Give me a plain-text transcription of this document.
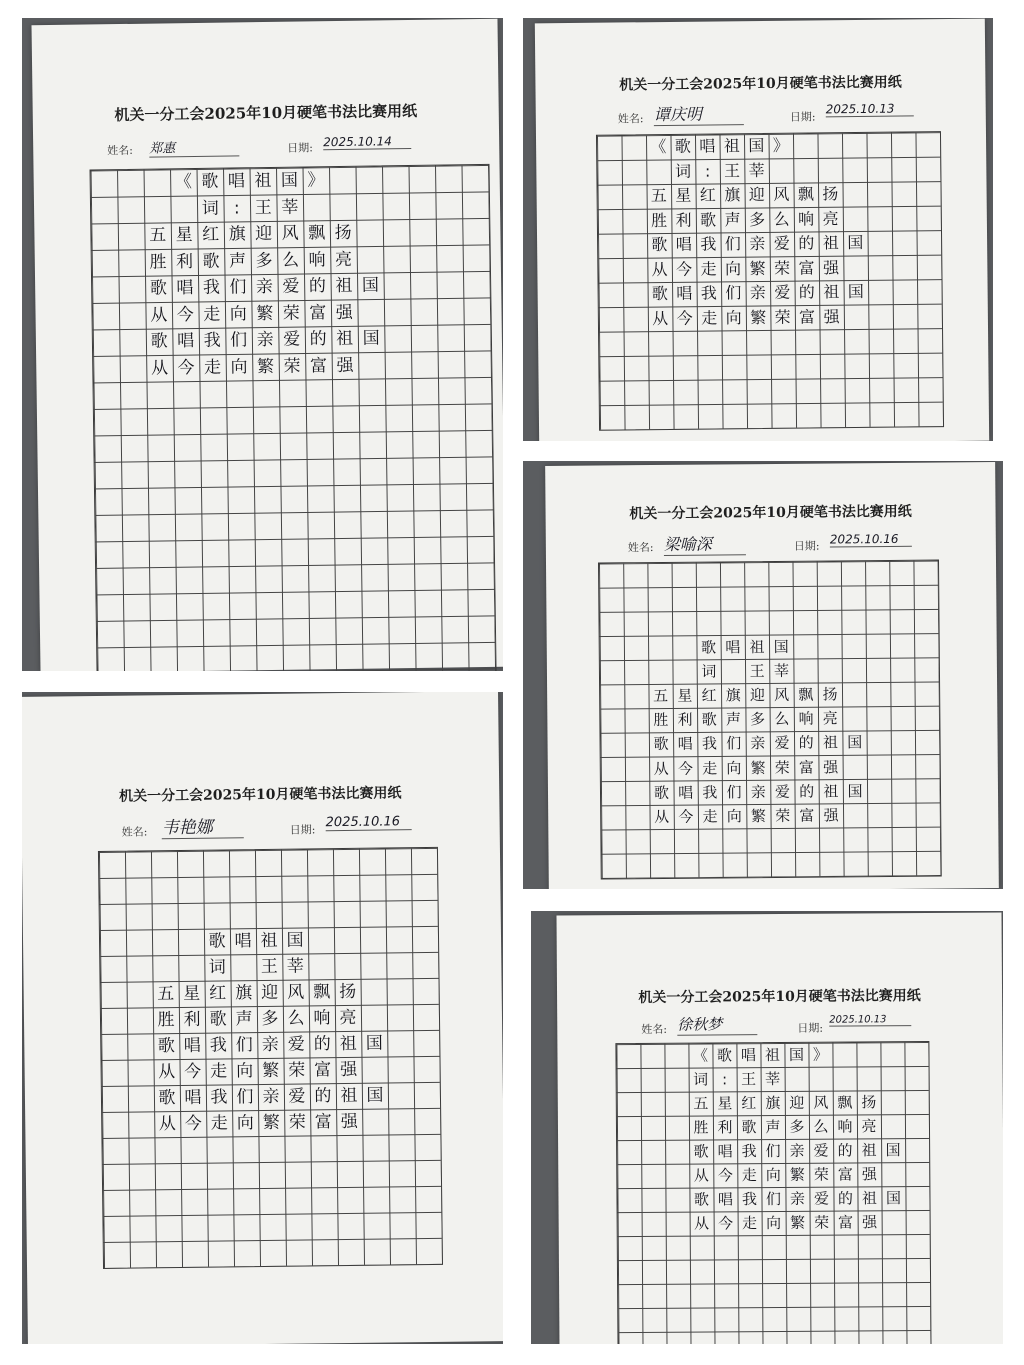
机关一分工会2025年10月硬笔书法比赛用纸
姓名: 郑惠	日期: 2025.10.14
《 歌 唱 祖 国 》
词 : 王 莘
五 星 红 旗 迎 风 飘 扬
胜 利 歌 声 多 么 响 亮
歌 唱 我 们 亲 爱 的 祖 国
从 今 走 向 繁 荣 富 强
歌 唱 我 们 亲 爱 的 祖 国
从 今 走 向 繁 荣 富 强
机关一分工会2025年10月硬笔书法比赛用纸
姓名: 谭庆明	日期:
2025.10.13
《 歌 唱 祖 国 》
词 : 王 莘
五 星 红 旗 迎 风 飘 扬
胜 利 歌 声 多 么 响 亮
歌 唱 我 们 亲 爱 的 祖 国
从 今 走 向 繁 荣 富 强
歌 唱 我 们 亲 爱 的 祖 国
从 今 走 向 繁 荣 富 强
机关一分工会2025年10月硬笔书法比赛用纸
姓名: 梁喻深	日期: 2025.10.16
歌 唱 祖 国
词	王 莘
五 星 红 旗 迎 风 飘 扬
胜 利 歌 声 多 么 响 亮
歌 唱 我 们 亲 爱 的 祖 国
从 今 走 向 繁 荣 富 强
歌 唱 我 们 亲 爱 的 祖 国
从 今 走 向 繁 荣 富 强
机关一分工会2025年10月硬笔书法比赛用纸
姓名: 韦艳娜	日期: 2025.10.16
歌 唱 祖 国
词 王 莘
五 星 红 旗 迎 风 飘 扬
胜 利 歌 声 多 么 响 亮
歌 唱 我 们 亲 爱 的 祖 国
从 今 走 向 繁 荣 富 强
歌 唱 我 们 亲 爱 的 祖 国
从 今 走 向 繁 荣 富 强
机关一分工会2025年10月硬笔书法比赛用纸
姓名: 徐秋梦	日期:
2025.10.13
《 歌 唱 祖 国 》
词 : 王 莘
五 星 红 旗 迎 风 飘 扬
胜 利 歌 声 多 么 响 亮
歌 唱 我 们 亲 爱 的 祖 国
从 今 走 向 繁 荣 富 强
歌 唱 我 们 亲 爱 的 祖 国
从 今 走 向 繁 荣 富 强
